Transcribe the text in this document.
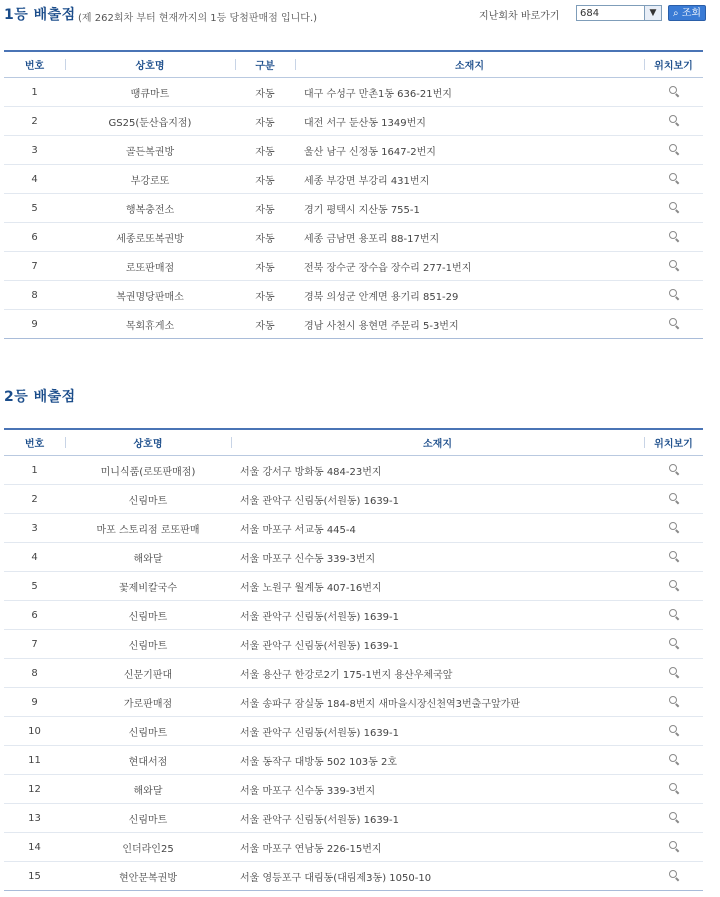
1등 배출점 (제 262회차 부터 현재까지의 1등 당첨판매점 입니다.)	지난회차 바로가기	684	▼	⌕ 조회
번호	상호명	구분	소재지	위치보기
1	땡큐마트	자동	대구 수성구 만촌1동 636-21번지	
2	GS25(둔산읍지점)	자동	대전 서구 둔산동 1349번지	
3	골든복권방	자동	울산 남구 신정동 1647-2번지	
4	부강로또	자동	세종 부강면 부강리 431번지	
5	행복충전소	자동	경기 평택시 지산동 755-1	
6	세종로또복권방	자동	세종 금남면 용포리 88-17번지	
7	로또판매점	자동	전북 장수군 장수읍 장수리 277-1번지	
8	복권명당판매소	자동	경북 의성군 안계면 용기리 851-29	
9	목회휴게소	자동	경남 사천시 용현면 주문리 5-3번지	
2등 배출점
번호	상호명	소재지	위치보기
1	미니식품(로또판매점)	서울 강서구 방화동 484-23번지	
2	신림마트	서울 관악구 신림동(서원동) 1639-1	
3	마포 스토리점 로또판매	서울 마포구 서교동 445-4	
4	해와달	서울 마포구 신수동 339-3번지	
5	꽃제비칼국수	서울 노원구 월계동 407-16번지	
6	신림마트	서울 관악구 신림동(서원동) 1639-1	
7	신림마트	서울 관악구 신림동(서원동) 1639-1	
8	신문기판대	서울 용산구 한강로2기 175-1번지 용산우체국앞	
9	가로판매점	서울 송파구 잠실동 184-8번지 새마을시장신천역3번출구앞가판	
10	신림마트	서울 관악구 신림동(서원동) 1639-1	
11	현대서점	서울 동작구 대방동 502 103동 2호	
12	해와달	서울 마포구 신수동 339-3번지	
13	신림마트	서울 관악구 신림동(서원동) 1639-1	
14	인더라인25	서울 마포구 연남동 226-15번지	
15	현안문복권방	서울 영등포구 대림동(대림제3동) 1050-10	
